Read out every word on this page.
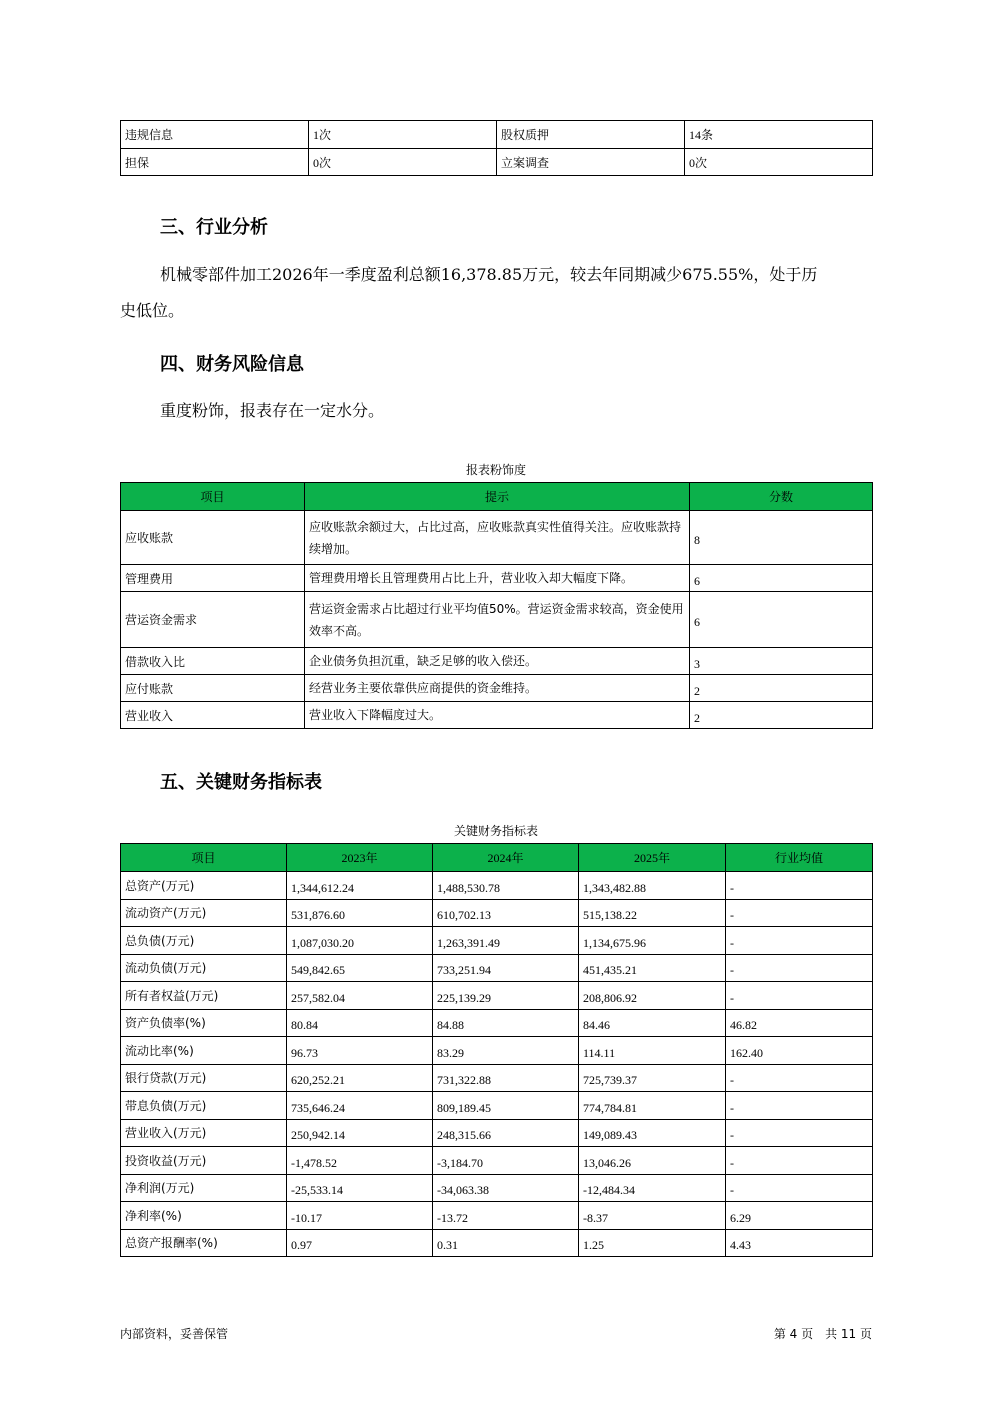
违规信息	1次	股权质押	14条
担保	0次	立案调查	0次
三、行业分析
机械零部件加工2026年一季度盈利总额16,378.85万元，较去年同期减少675.55%，处于历
史低位。
四、财务风险信息
重度粉饰，报表存在一定水分。
报表粉饰度
项目	提示	分数
应收账款	应收账款余额过大，占比过高，应收账款真实性值得关注。应收账款持续增加。	8
管理费用	管理费用增长且管理费用占比上升，营业收入却大幅度下降。	6
营运资金需求	营运资金需求占比超过行业平均值50%。营运资金需求较高，资金使用效率不高。	6
借款收入比	企业债务负担沉重，缺乏足够的收入偿还。	3
应付账款	经营业务主要依靠供应商提供的资金维持。	2
营业收入	营业收入下降幅度过大。	2
五、关键财务指标表
关键财务指标表
项目	2023年	2024年	2025年	行业均值
总资产(万元)	1,344,612.24	1,488,530.78	1,343,482.88	-
流动资产(万元)	531,876.60	610,702.13	515,138.22	-
总负债(万元)	1,087,030.20	1,263,391.49	1,134,675.96	-
流动负债(万元)	549,842.65	733,251.94	451,435.21	-
所有者权益(万元)	257,582.04	225,139.29	208,806.92	-
资产负债率(%)	80.84	84.88	84.46	46.82
流动比率(%)	96.73	83.29	114.11	162.40
银行贷款(万元)	620,252.21	731,322.88	725,739.37	-
带息负债(万元)	735,646.24	809,189.45	774,784.81	-
营业收入(万元)	250,942.14	248,315.66	149,089.43	-
投资收益(万元)	-1,478.52	-3,184.70	13,046.26	-
净利润(万元)	-25,533.14	-34,063.38	-12,484.34	-
净利率(%)	-10.17	-13.72	-8.37	6.29
总资产报酬率(%)	0.97	0.31	1.25	4.43
内部资料，妥善保管	第 4 页　共 11 页
